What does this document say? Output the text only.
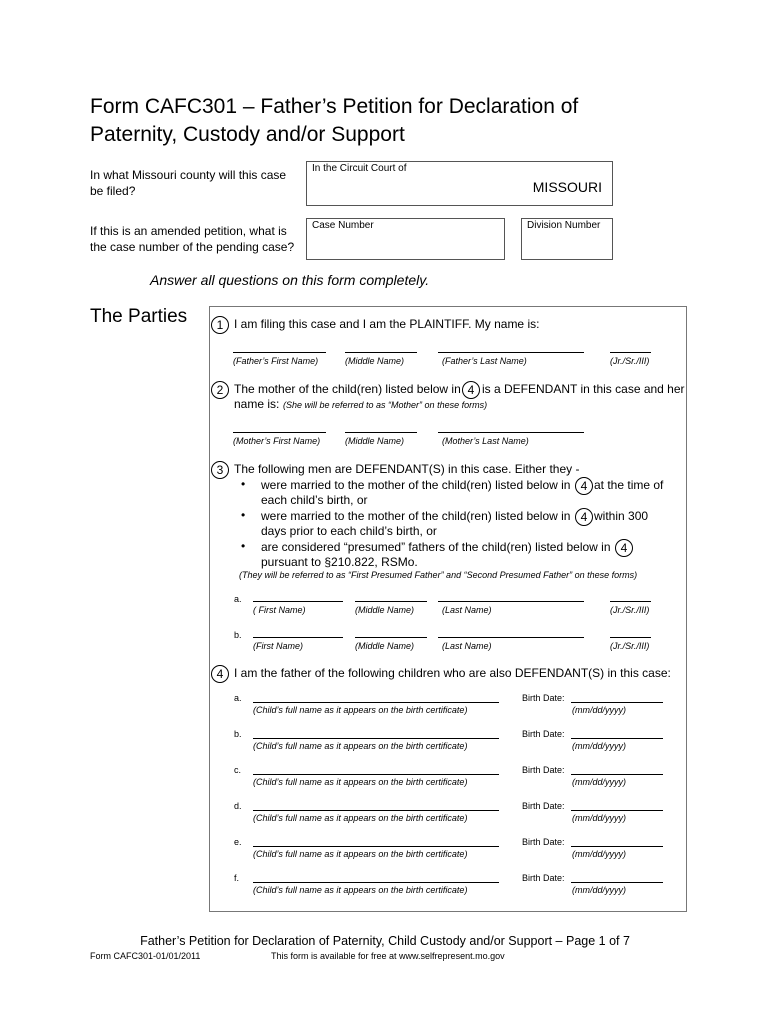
Form CAFC301 – Father’s Petition for Declaration of Paternity, Custody and/or Support
In what Missouri county will this case be filed?
In the Circuit Court of
MISSOURI
If this is an amended petition, what is the case number of the pending case?
Case Number	Division Number
Answer all questions on this form completely.
The Parties	1 I am filing this case and I am the PLAINTIFF. My name is:
(Father’s First Name)	(Middle Name)	(Father’s Last Name)	(Jr./Sr./III)
2 The mother of the child(ren) listed below in 4 is a DEFENDANT in this case and her
name is: (She will be referred to as “Mother” on these forms)
(Mother’s First Name)	(Middle Name)	(Mother’s Last Name)
3 The following men are DEFENDANT(S) in this case. Either they -
• were married to the mother of the child(ren) listed below in 4 at the time of
each child’s birth, or
• were married to the mother of the child(ren) listed below in 4 within 300
days prior to each child’s birth, or
• are considered “presumed” fathers of the child(ren) listed below in 4
pursuant to §210.822, RSMo.
(They will be referred to as “First Presumed Father” and “Second Presumed Father” on these forms)
a.
( First Name)	(Middle Name)	(Last Name)	(Jr./Sr./III)
b.
(First Name)	(Middle Name)	(Last Name)	(Jr./Sr./III)
4 I am the father of the following children who are also DEFENDANT(S) in this case:
a.
(Child’s full name as it appears on the birth certificate)
Birth Date:
(mm/dd/yyyy)
b.
(Child’s full name as it appears on the birth certificate)
Birth Date:
(mm/dd/yyyy)
c.
(Child’s full name as it appears on the birth certificate)
Birth Date:
(mm/dd/yyyy)
d.
(Child’s full name as it appears on the birth certificate)
Birth Date:
(mm/dd/yyyy)
e.
(Child’s full name as it appears on the birth certificate)
Birth Date:
(mm/dd/yyyy)
f.
(Child’s full name as it appears on the birth certificate)
Birth Date:
(mm/dd/yyyy)
Father’s Petition for Declaration of Paternity, Child Custody and/or Support – Page 1 of 7
Form CAFC301-01/01/2011	This form is available for free at www.selfrepresent.mo.gov
